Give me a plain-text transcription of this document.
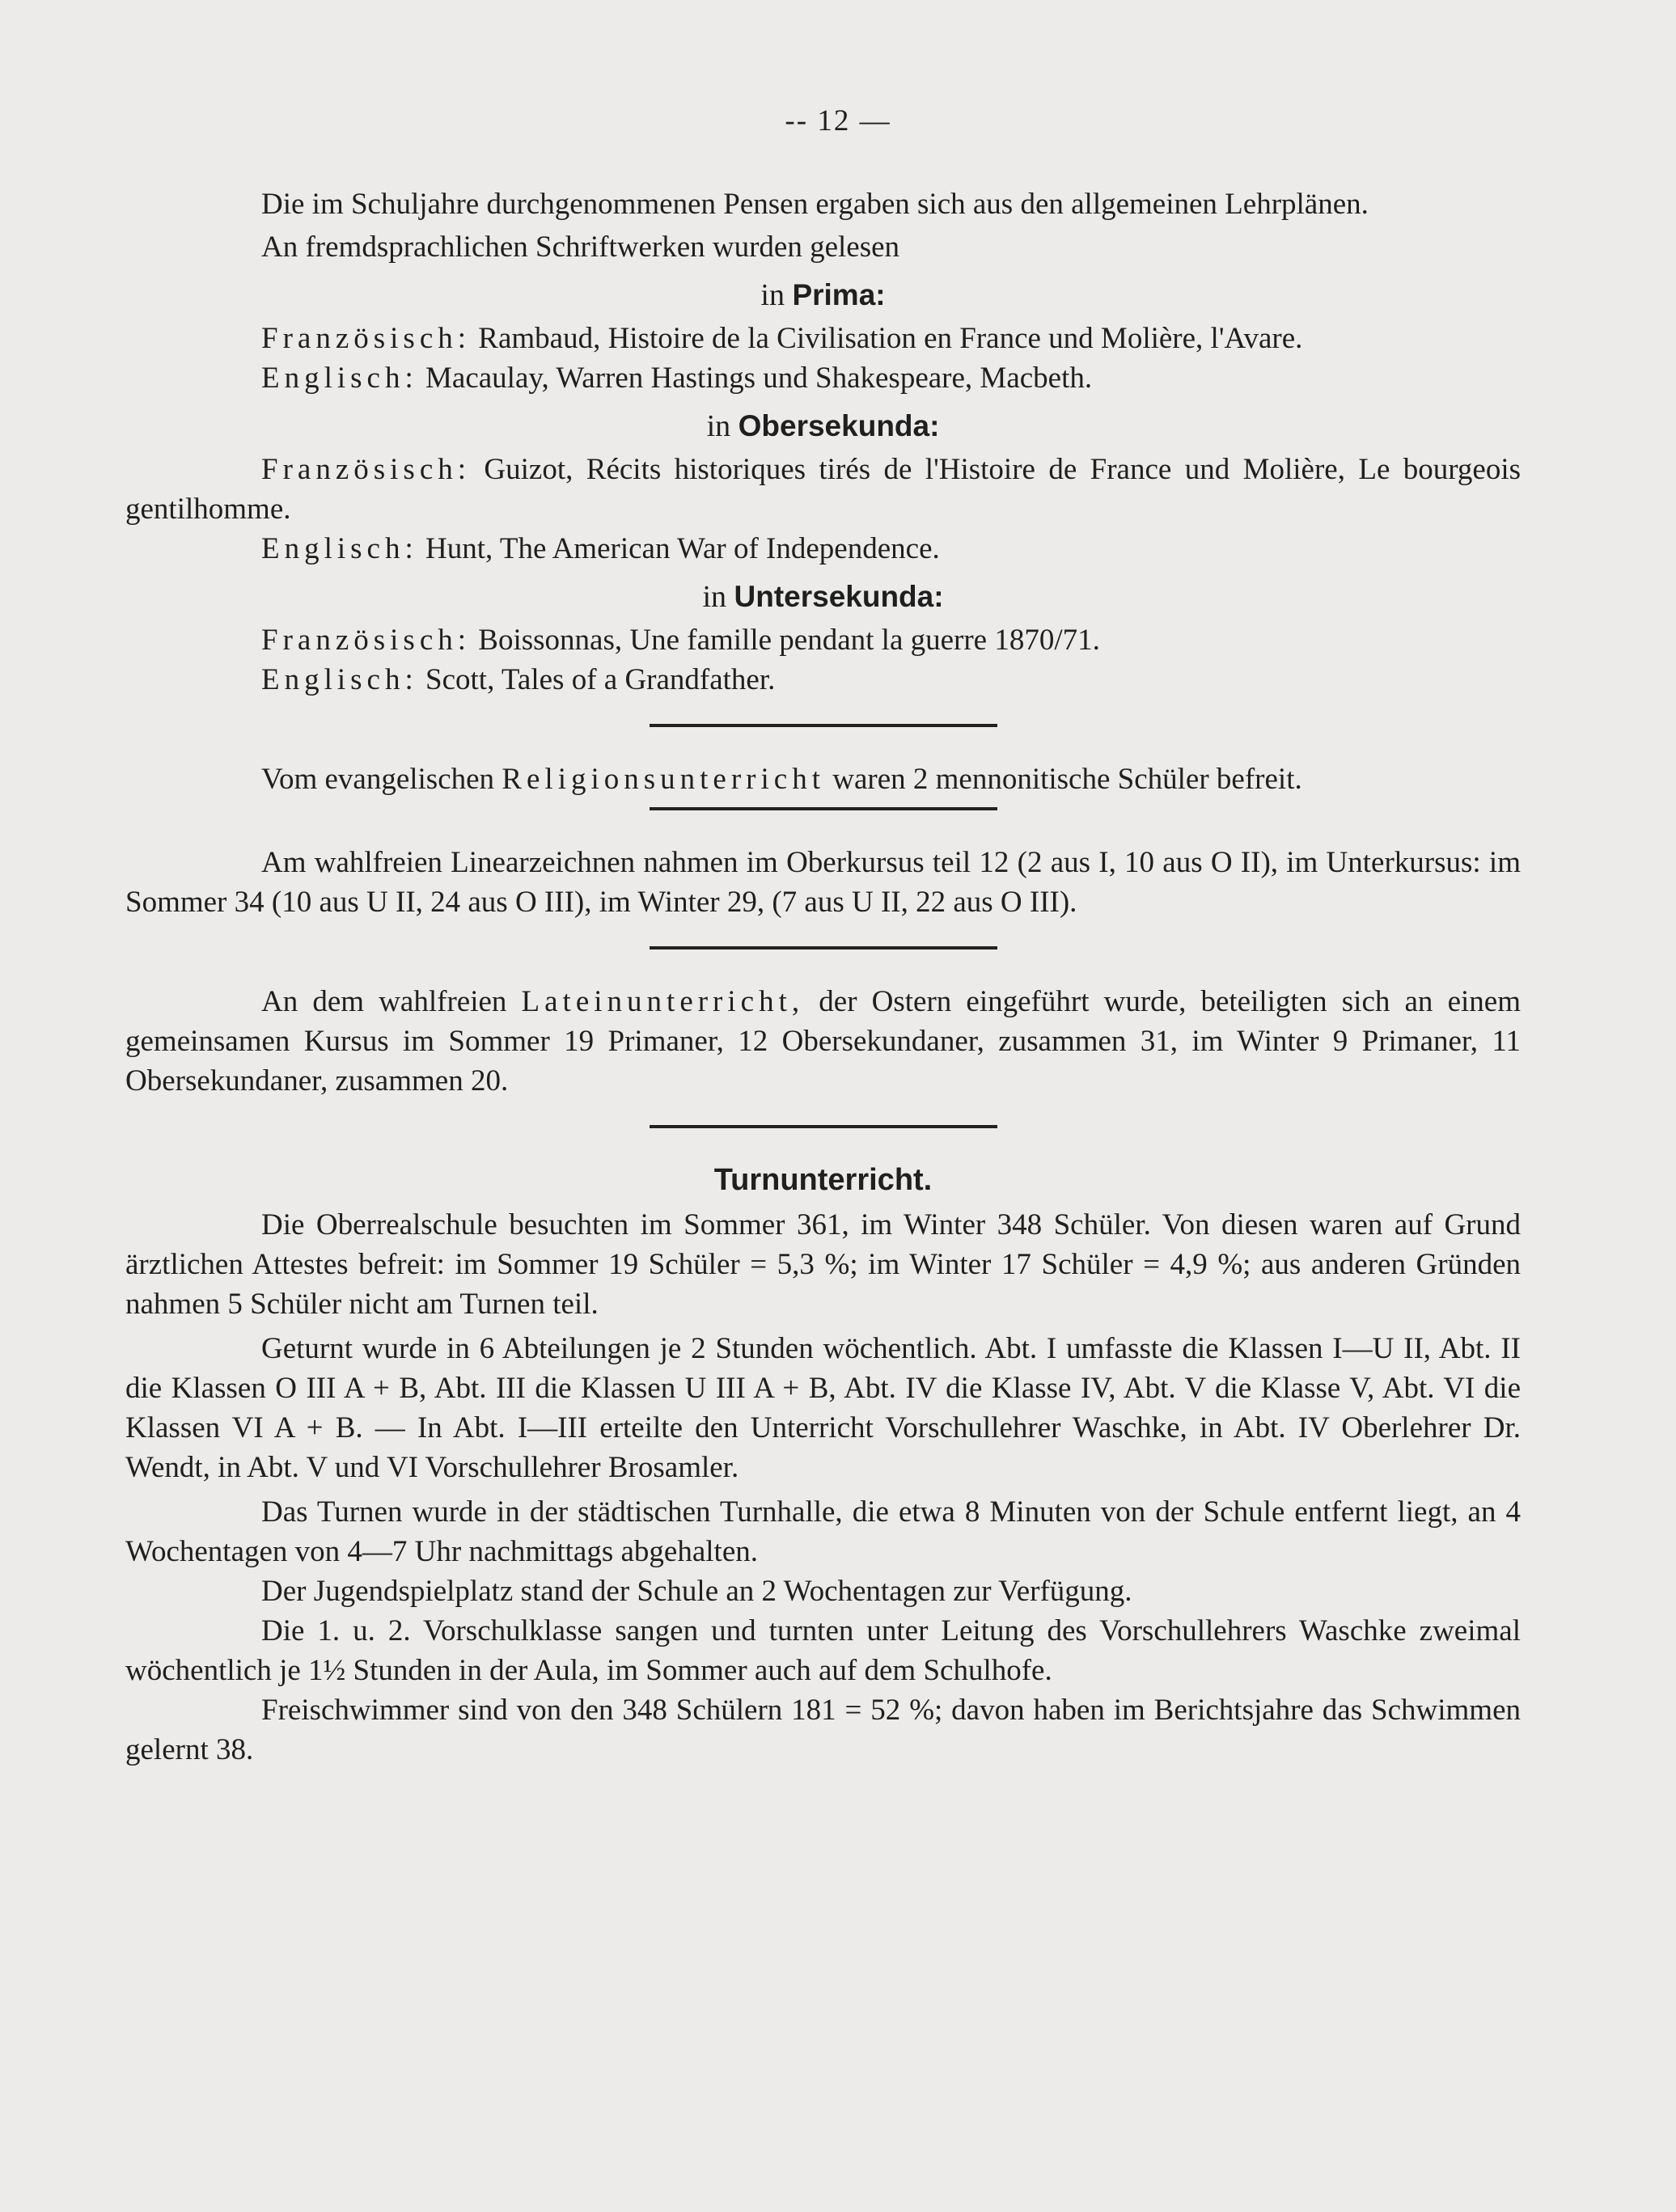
-- 12 —

Die im Schuljahre durchgenommenen Pensen ergaben sich aus den allgemeinen Lehrplänen.

An fremdsprachlichen Schriftwerken wurden gelesen

in Prima:

Französisch: Rambaud, Histoire de la Civilisation en France und Molière, l'Avare.

Englisch: Macaulay, Warren Hastings und Shakespeare, Macbeth.

in Obersekunda:

Französisch: Guizot, Récits historiques tirés de l'Histoire de France und Molière, Le bourgeois gentilhomme.

Englisch: Hunt, The American War of Independence.

in Untersekunda:

Französisch: Boissonnas, Une famille pendant la guerre 1870/71.

Englisch: Scott, Tales of a Grandfather.

Vom evangelischen Religionsunterricht waren 2 mennonitische Schüler befreit.

Am wahlfreien Linearzeichnen nahmen im Oberkursus teil 12 (2 aus I, 10 aus O II), im Unterkursus: im Sommer 34 (10 aus U II, 24 aus O III), im Winter 29, (7 aus U II, 22 aus O III).

An dem wahlfreien Lateinunterricht, der Ostern eingeführt wurde, beteiligten sich an einem gemeinsamen Kursus im Sommer 19 Primaner, 12 Obersekundaner, zusammen 31, im Winter 9 Primaner, 11 Obersekundaner, zusammen 20.

Turnunterricht.

Die Oberrealschule besuchten im Sommer 361, im Winter 348 Schüler. Von diesen waren auf Grund ärztlichen Attestes befreit: im Sommer 19 Schüler = 5,3 %; im Winter 17 Schüler = 4,9 %; aus anderen Gründen nahmen 5 Schüler nicht am Turnen teil.

Geturnt wurde in 6 Abteilungen je 2 Stunden wöchentlich. Abt. I umfasste die Klassen I—U II, Abt. II die Klassen O III A + B, Abt. III die Klassen U III A + B, Abt. IV die Klasse IV, Abt. V die Klasse V, Abt. VI die Klassen VI A + B. — In Abt. I—III erteilte den Unterricht Vorschullehrer Waschke, in Abt. IV Oberlehrer Dr. Wendt, in Abt. V und VI Vorschullehrer Brosamler.

Das Turnen wurde in der städtischen Turnhalle, die etwa 8 Minuten von der Schule entfernt liegt, an 4 Wochentagen von 4—7 Uhr nachmittags abgehalten.

Der Jugendspielplatz stand der Schule an 2 Wochentagen zur Verfügung.

Die 1. u. 2. Vorschulklasse sangen und turnten unter Leitung des Vorschullehrers Waschke zweimal wöchentlich je 1½ Stunden in der Aula, im Sommer auch auf dem Schulhofe.

Freischwimmer sind von den 348 Schülern 181 = 52 %; davon haben im Berichtsjahre das Schwimmen gelernt 38.
